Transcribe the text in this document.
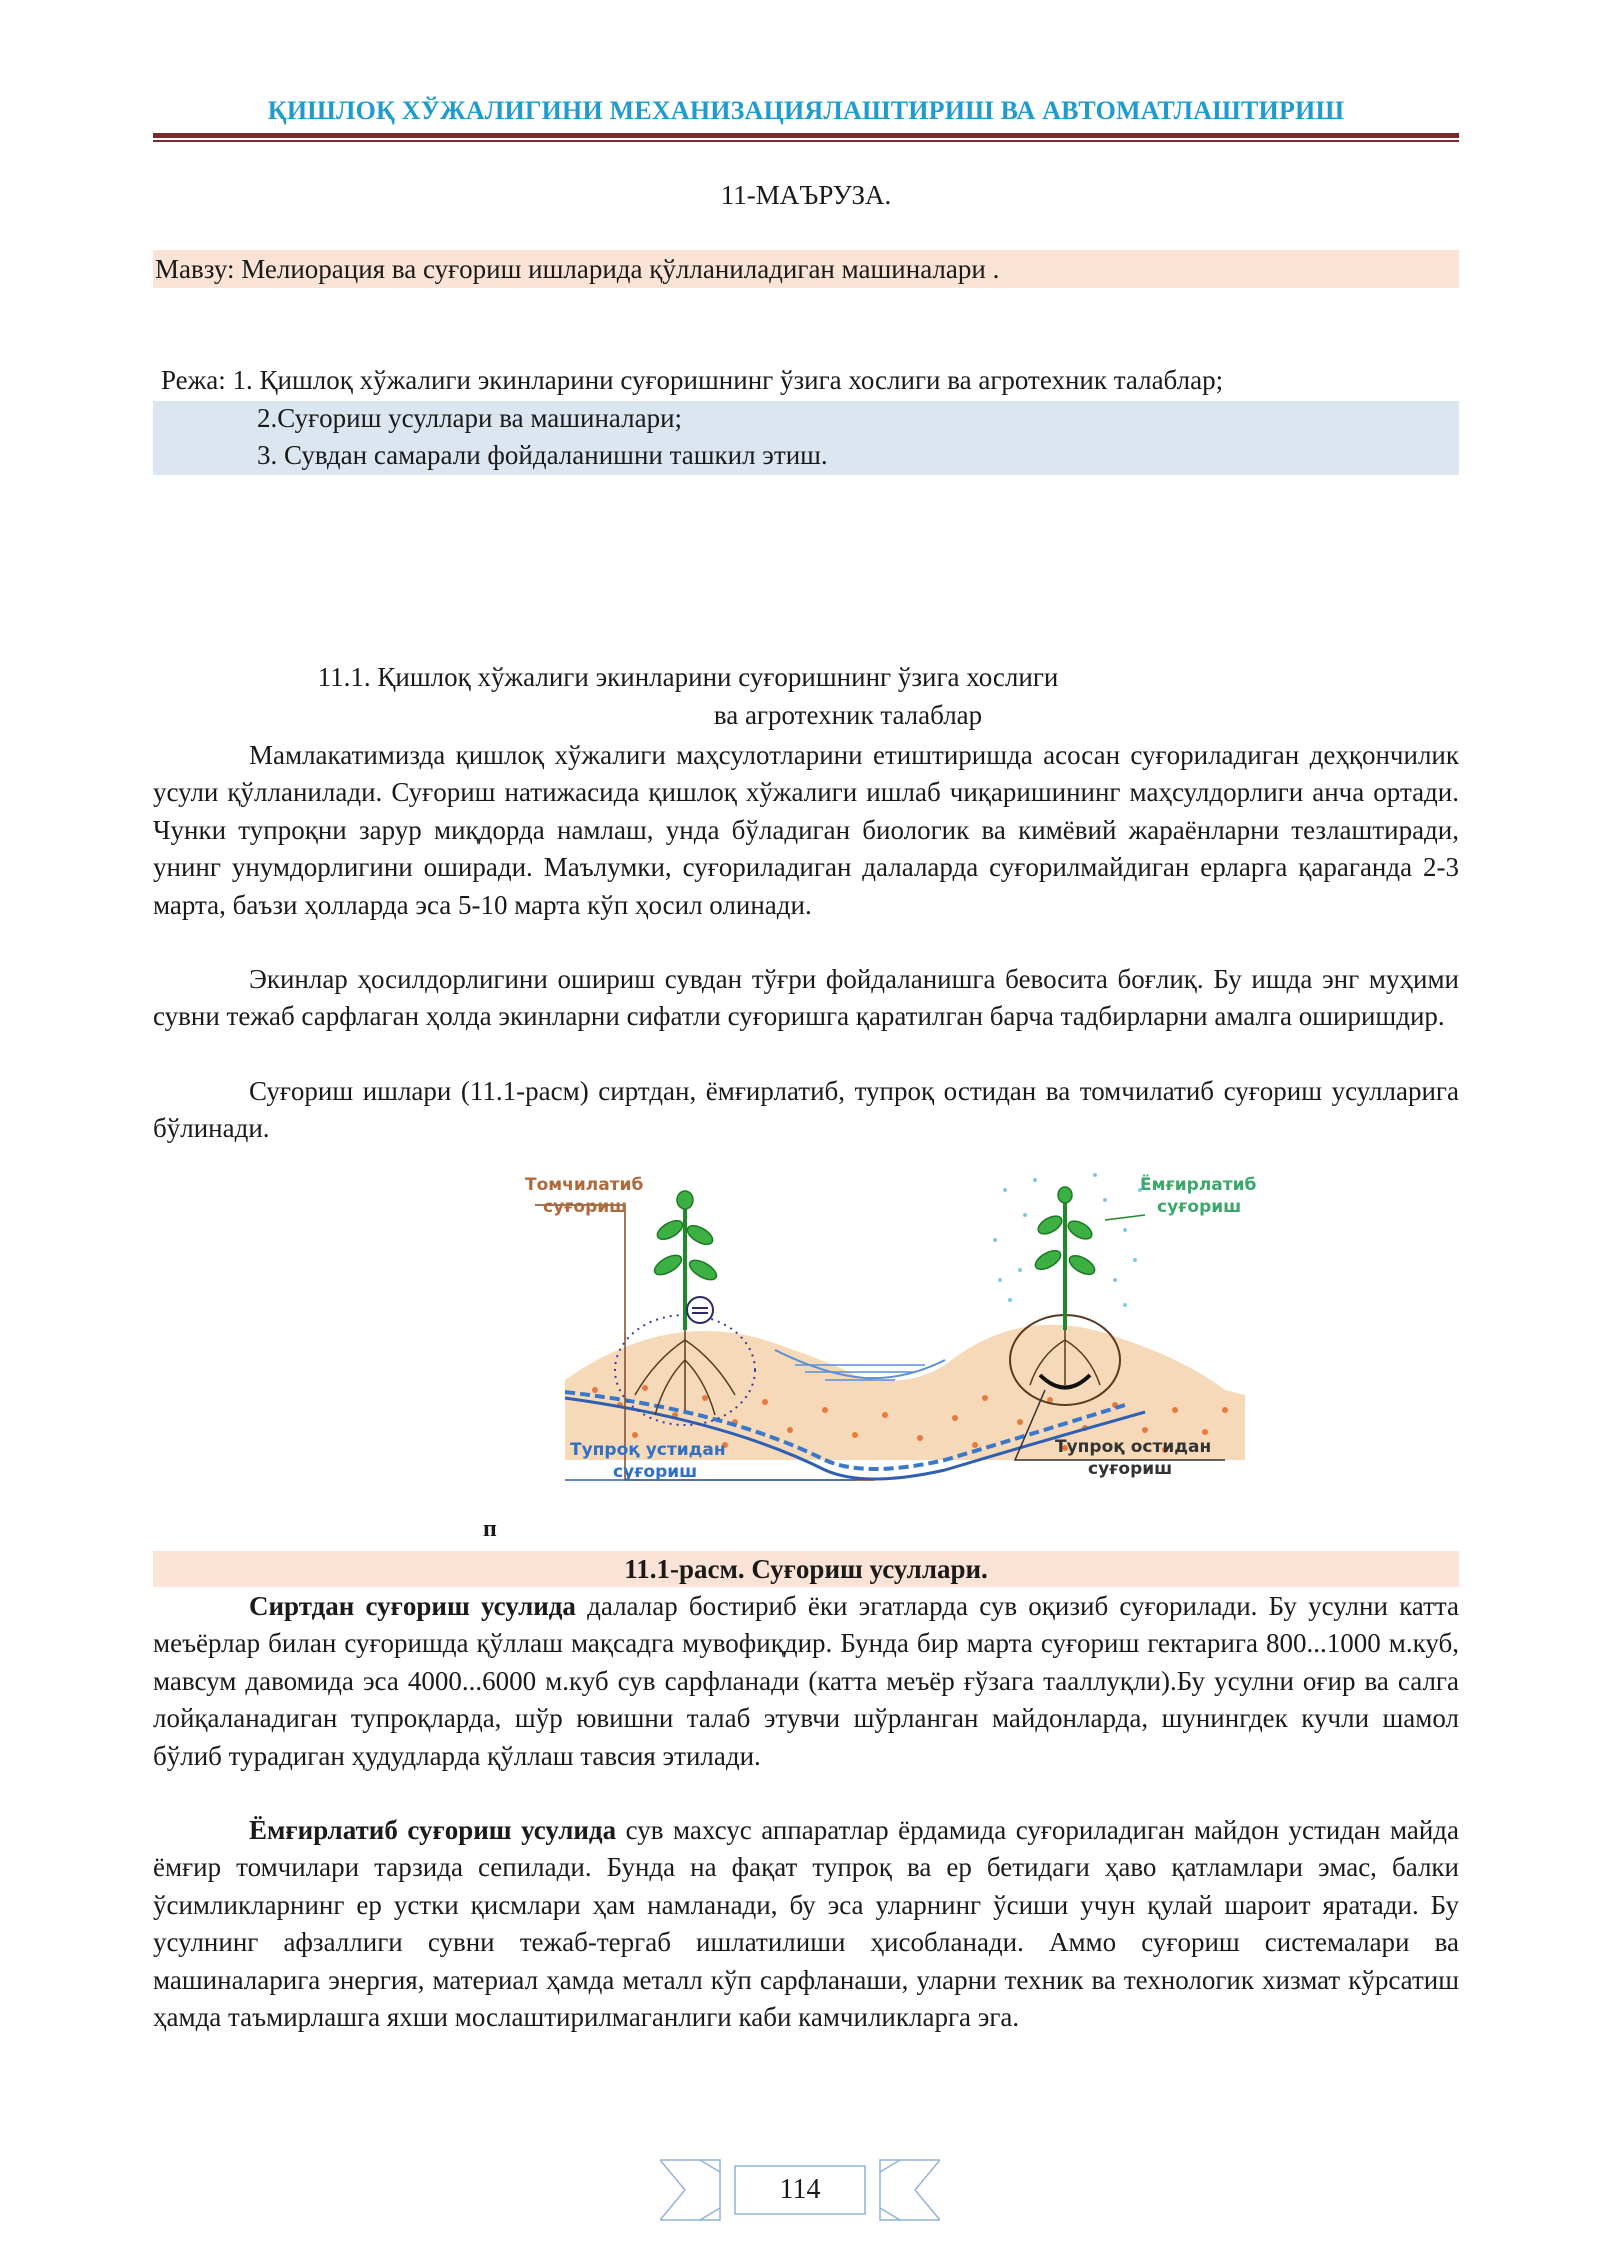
ҚИШЛОҚ ХЎЖАЛИГИНИ МЕХАНИЗАЦИЯЛАШТИРИШ ВА АВТОМАТЛАШТИРИШ
11-МАЪРУЗА.
Мавзу: Мелиорация ва суғориш ишларида қўлланиладиган машиналари .
Режа: 1. Қишлоқ хўжалиги экинларини суғоришнинг ўзига хослиги ва агротехник талаблар;
2.Суғориш усуллари ва машиналари;
3. Сувдан самарали фойдаланишни ташкил этиш.
11.1. Қишлоқ хўжалиги экинларини суғоришнинг ўзига хослиги
ва агротехник талаблар
Мамлакатимизда қишлоқ хўжалиги маҳсулотларини етиштиришда асосан суғориладиган деҳқончилик усули қўлланилади. Суғориш натижасида қишлоқ хўжалиги ишлаб чиқаришининг маҳсулдорлиги анча ортади. Чунки тупроқни зарур миқдорда намлаш, унда бўладиган биологик ва кимёвий жараёнларни тезлаштиради, унинг унумдорлигини оширади. Маълумки, суғориладиган далаларда суғорилмайдиган ерларга қараганда 2-3 марта, баъзи ҳолларда эса 5-10 марта кўп ҳосил олинади.
Экинлар ҳосилдорлигини ошириш сувдан тўғри фойдаланишга бевосита боғлиқ. Бу ишда энг муҳими сувни тежаб сарфлаган ҳолда экинларни сифатли суғоришга қаратилган барча тадбирларни амалга оширишдир.
Суғориш ишлари (11.1-расм) сиртдан, ёмғирлатиб, тупроқ остидан ва томчилатиб суғориш усулларига бўлинади.
Томчилатиб
суғориш
Ёмғирлатиб
суғориш
Тупроқ устидан
суғориш
Тупроқ остидан
суғориш
п
11.1-расм. Суғориш усуллари.
Сиртдан суғориш усулида далалар бостириб ёки эгатларда сув оқизиб суғорилади. Бу усулни катта меъёрлар билан суғоришда қўллаш мақсадга мувофиқдир. Бунда бир марта суғориш гектарига 800...1000 м.куб, мавсум давомида эса 4000...6000 м.куб сув сарфланади (катта меъёр ғўзага тааллуқли).Бу усулни оғир ва салга лойқаланадиган тупроқларда, шўр ювишни талаб этувчи шўрланган майдонларда, шунингдек кучли шамол бўлиб турадиган ҳудудларда қўллаш тавсия этилади.
Ёмғирлатиб суғориш усулида сув махсус аппаратлар ёрдамида суғориладиган майдон устидан майда ёмғир томчилари тарзида сепилади. Бунда на фақат тупроқ ва ер бетидаги ҳаво қатламлари эмас, балки ўсимликларнинг ер устки қисмлари ҳам намланади, бу эса уларнинг ўсиши учун қулай шароит яратади. Бу усулнинг афзаллиги сувни тежаб-тергаб ишлатилиши ҳисобланади. Аммо суғориш системалари ва машиналарига энергия, материал ҳамда металл кўп сарфланаши, уларни техник ва технологик хизмат кўрсатиш ҳамда таъмирлашга яхши мослаштирилмаганлиги каби камчиликларга эга.
114
